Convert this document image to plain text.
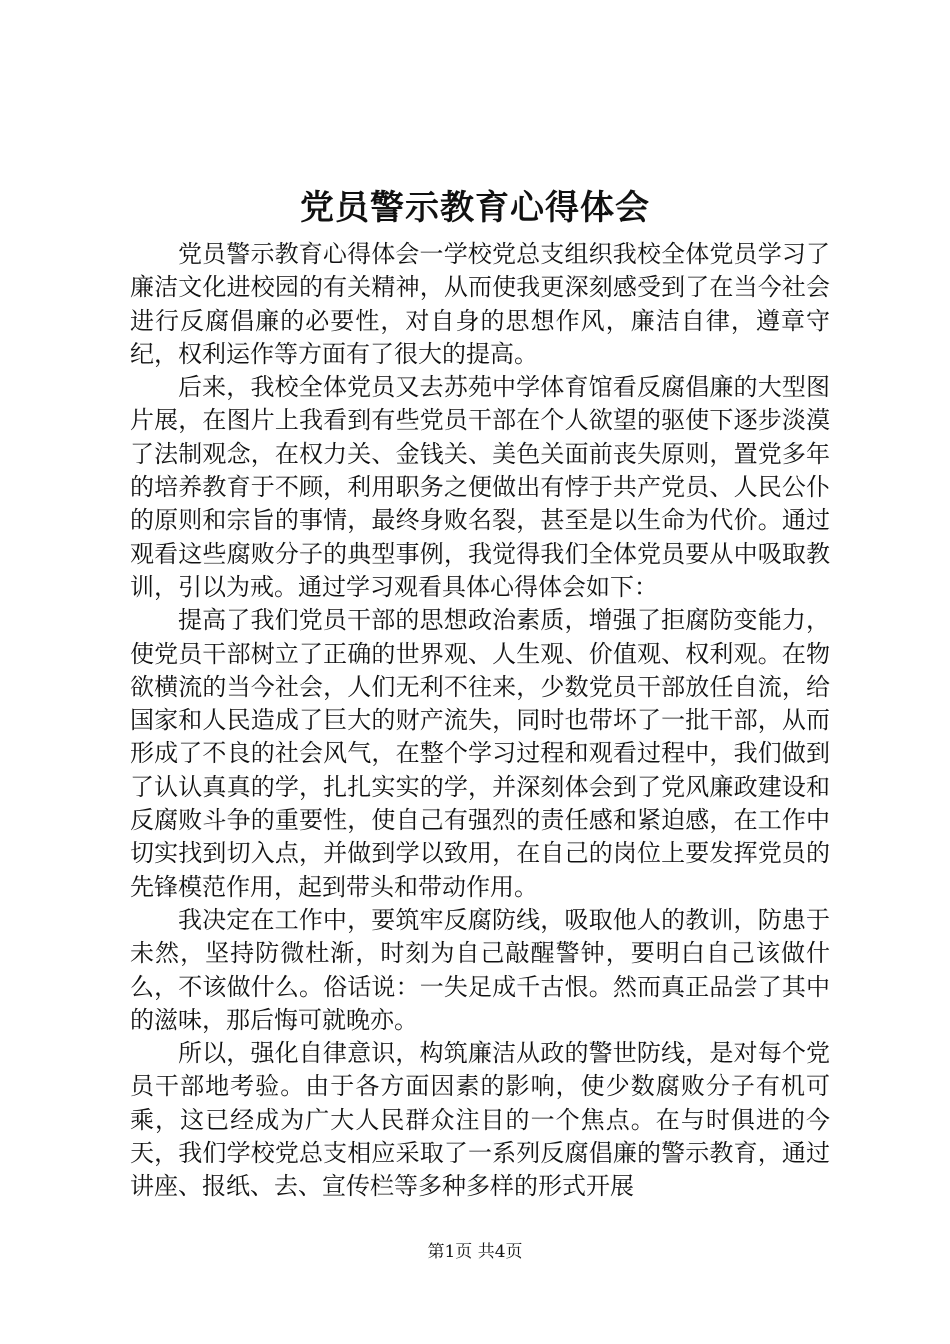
党员警示教育心得体会

党员警示教育心得体会一学校党总支组织我校全体党员学习了廉洁文化进校园的有关精神，从而使我更深刻感受到了在当今社会进行反腐倡廉的必要性，对自身的思想作风，廉洁自律，遵章守纪，权利运作等方面有了很大的提高。

后来，我校全体党员又去苏苑中学体育馆看反腐倡廉的大型图片展，在图片上我看到有些党员干部在个人欲望的驱使下逐步淡漠了法制观念，在权力关、金钱关、美色关面前丧失原则，置党多年的培养教育于不顾，利用职务之便做出有悖于共产党员、人民公仆的原则和宗旨的事情，最终身败名裂，甚至是以生命为代价。通过观看这些腐败分子的典型事例，我觉得我们全体党员要从中吸取教训，引以为戒。通过学习观看具体心得体会如下：

提高了我们党员干部的思想政治素质，增强了拒腐防变能力，使党员干部树立了正确的世界观、人生观、价值观、权利观。在物欲横流的当今社会，人们无利不往来，少数党员干部放任自流，给国家和人民造成了巨大的财产流失，同时也带坏了一批干部，从而形成了不良的社会风气，在整个学习过程和观看过程中，我们做到了认认真真的学，扎扎实实的学，并深刻体会到了党风廉政建设和反腐败斗争的重要性，使自己有强烈的责任感和紧迫感，在工作中切实找到切入点，并做到学以致用，在自己的岗位上要发挥党员的先锋模范作用，起到带头和带动作用。

我决定在工作中，要筑牢反腐防线，吸取他人的教训，防患于未然，坚持防微杜渐，时刻为自己敲醒警钟，要明白自己该做什么，不该做什么。俗话说：一失足成千古恨。然而真正品尝了其中的滋味，那后悔可就晚亦。

所以，强化自律意识，构筑廉洁从政的警世防线，是对每个党员干部地考验。由于各方面因素的影响，使少数腐败分子有机可乘，这已经成为广大人民群众注目的一个焦点。在与时俱进的今天，我们学校党总支相应采取了一系列反腐倡廉的警示教育，通过讲座、报纸、去、宣传栏等多种多样的形式开展

第1页 共4页
